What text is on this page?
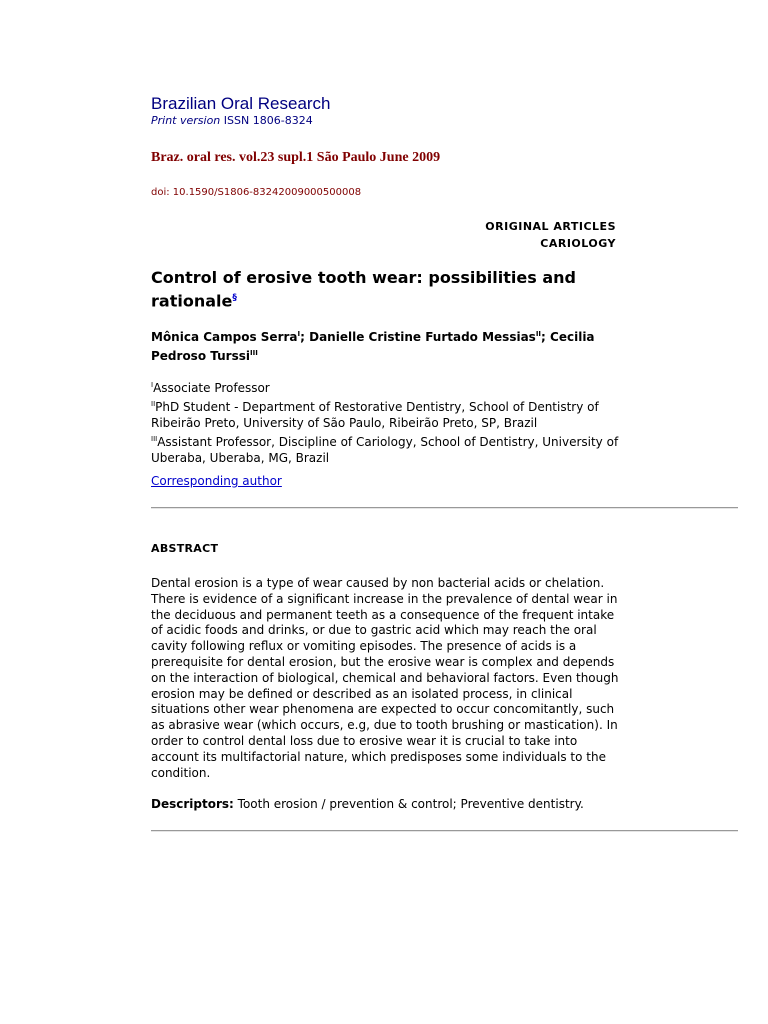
Brazilian Oral Research
Print version ISSN 1806-8324
Braz. oral res. vol.23 supl.1 São Paulo June 2009
doi: 10.1590/S1806-83242009000500008
ORIGINAL ARTICLES
CARIOLOGY
Control of erosive tooth wear: possibilities and rationale§
Mônica Campos Serra$^I$; Danielle Cristine Furtado Messias$^{II}$; Cecilia Pedroso Turssi$^{III}$
$^I$Associate Professor
$^{II}$PhD Student - Department of Restorative Dentistry, School of Dentistry of Ribeirão Preto, University of São Paulo, Ribeirão Preto, SP, Brazil
$^{III}$Assistant Professor, Discipline of Cariology, School of Dentistry, University of Uberaba, Uberaba, MG, Brazil
Corresponding author
ABSTRACT

Dental erosion is a type of wear caused by non bacterial acids or chelation. There is evidence of a significant increase in the prevalence of dental wear in the deciduous and permanent teeth as a consequence of the frequent intake of acidic foods and drinks, or due to gastric acid which may reach the oral cavity following reflux or vomiting episodes. The presence of acids is a prerequisite for dental erosion, but the erosive wear is complex and depends on the interaction of biological, chemical and behavioral factors. Even though erosion may be defined or described as an isolated process, in clinical situations other wear phenomena are expected to occur concomitantly, such as abrasive wear (which occurs, e.g, due to tooth brushing or mastication). In order to control dental loss due to erosive wear it is crucial to take into account its multifactorial nature, which predisposes some individuals to the condition.

Descriptors: Tooth erosion / prevention & control; Preventive dentistry.
